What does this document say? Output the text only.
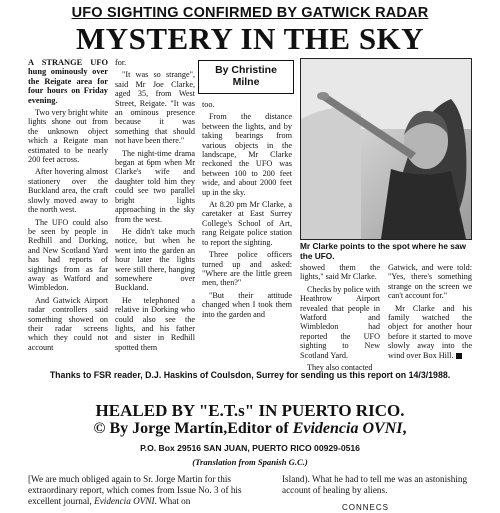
UFO SIGHTING CONFIRMED BY GATWICK RADAR
MYSTERY IN THE SKY

A STRANGE UFO hung ominously over the Reigate area for four hours on Friday evening.

Two very bright white lights shone out from the unknown object which a Reigate man estimated to be nearly 200 feet across.

After hovering almost stationery over the Buckland area, the craft slowly moved away to the north west.

The UFO could also be seen by people in Redhill and Dorking, and New Scotland Yard has had reports of sightings from as far away as Watford and Wimbledon.

And Gatwick Airport radar controllers said something showed on their radar screens which they could not account

for.

"It was so strange", said Mr Joe Clarke, aged 35, from West Street, Reigate. "It was an ominous presence because it was something that should not have been there."

The night-time drama began at 6pm when Mr Clarke's wife and daughter told him they could see two parallel bright lights approaching in the sky from the west.

He didn't take much notice, but when he went into the garden an hour later the lights were still there, hanging somewhere over Buckland.

He telephoned a relative in Dorking who could also see the lights, and his father and sister in Redhill spotted them

By Christine
Milne

too.

From the distance between the lights, and by taking bearings from various objects in the landscape, Mr Clarke reckoned the UFO was between 100 to 200 feet wide, and about 2000 feet up in the sky.

At 8.20 pm Mr Clarke, a caretaker at East Surrey College's School of Art, rang Reigate police station to report the sighting.

Three police officers turned up and asked: "Where are the little green men, then?"

"But their attitude changed when I took them into the garden and

Mr Clarke points to the spot where he saw the UFO.

showed them the lights," said Mr Clarke.

Checks by police with Heathrow Airport revealed that people in Watford and Wimbledon had reported the UFO sighting to New Scotland Yard.

They also contacted

Gatwick, and were told: "Yes, there's something strange on the screen we can't account for."

Mr Clarke and his family watched the object for another hour before it started to move slowly away into the wind over Box Hill.

Thanks to FSR reader, D.J. Haskins of Coulsdon, Surrey for sending us this report on 14/3/1988.
HEALED BY "E.T.s" IN PUERTO RICO.
© By Jorge Martín,Editor of Evidencia OVNI,
P.O. Box 29516 SAN JUAN, PUERTO RICO 00929-0516
(Translation from Spanish G.C.)
[We are much obliged again to Sr. Jorge Martin for this extraordinary report, which comes from Issue No. 3 of his excellent journal, Evidencia OVNI. What on
Island). What he had to tell me was an astonishing account of healing by aliens.
CONNECS
